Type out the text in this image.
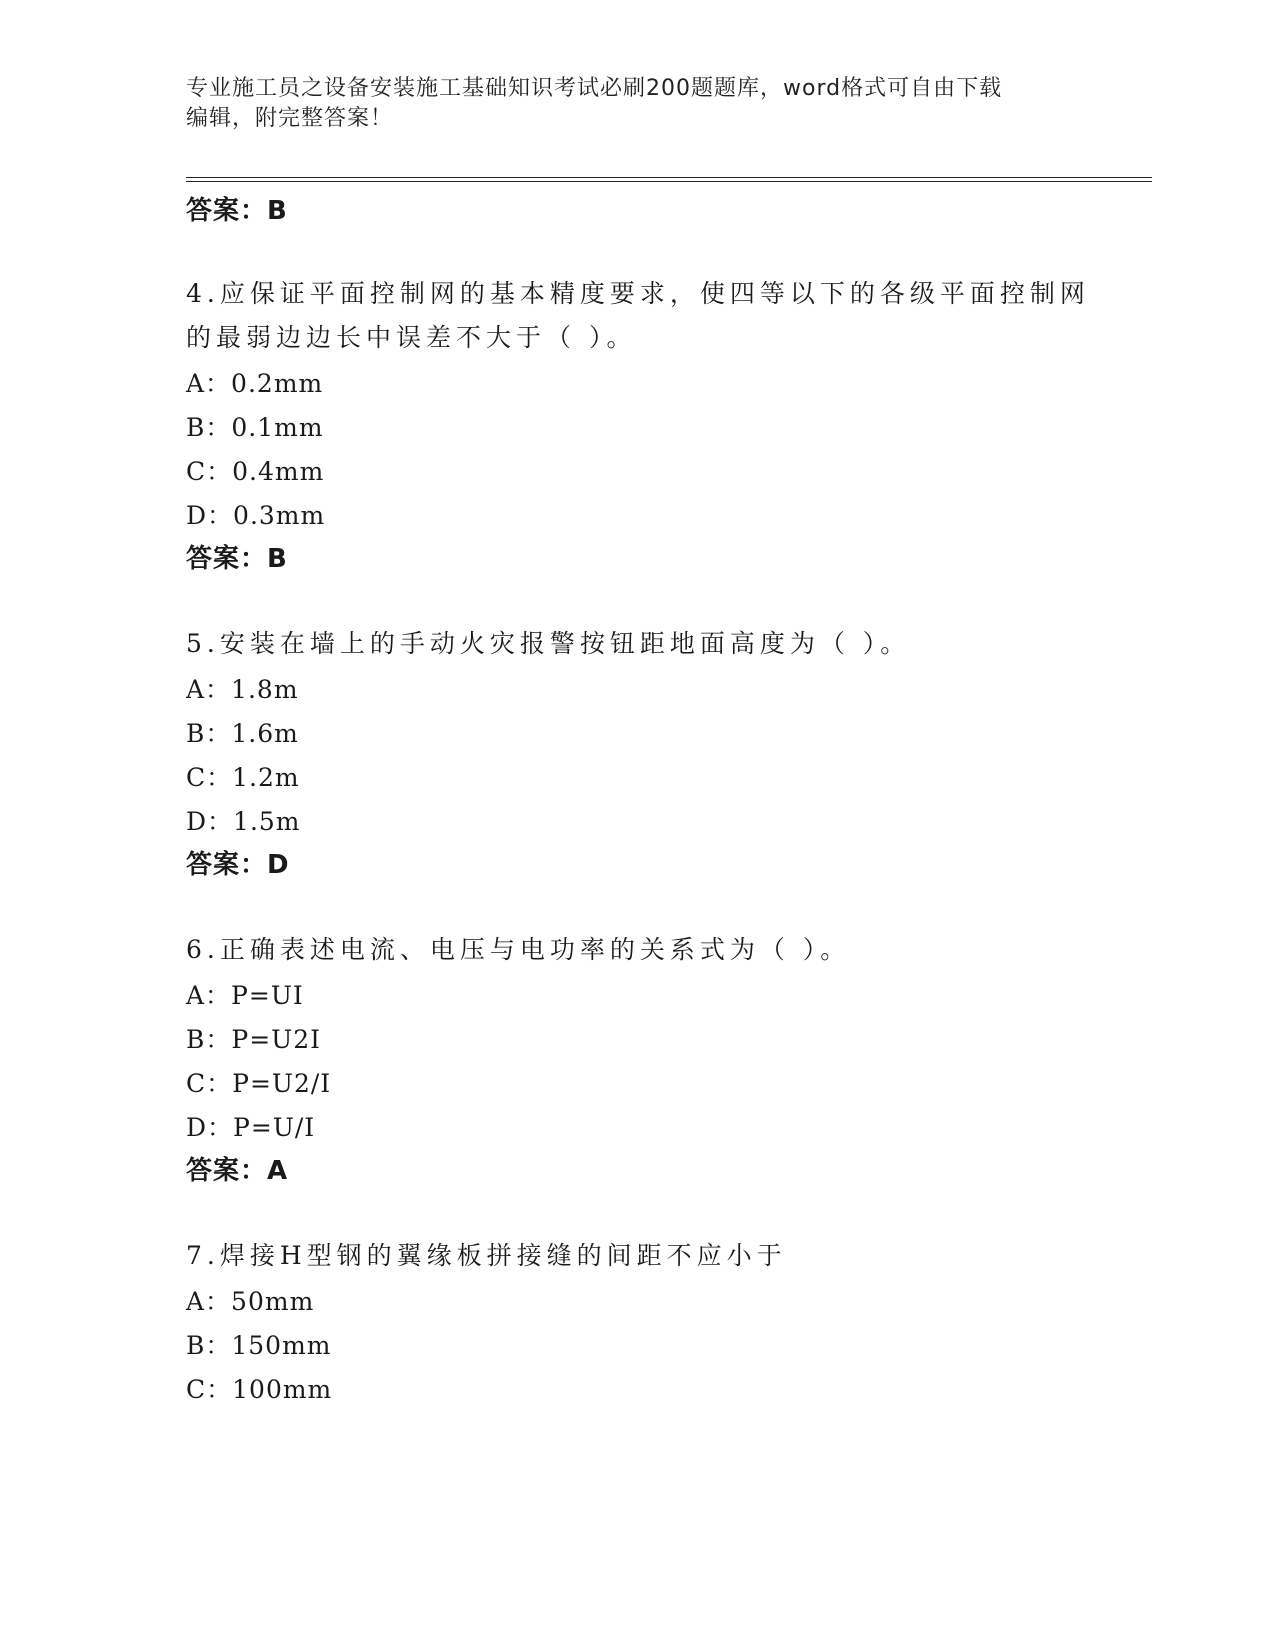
专业施工员之设备安装施工基础知识考试必刷200题题库，word格式可自由下载
编辑，附完整答案！
答案：B
4.应保证平面控制网的基本精度要求，使四等以下的各级平面控制网
的最弱边边长中误差不大于（ ）。
A：0.2mm
B：0.1mm
C：0.4mm
D：0.3mm
答案：B
5.安装在墙上的手动火灾报警按钮距地面高度为（ ）。
A：1.8m
B：1.6m
C：1.2m
D：1.5m
答案：D
6.正确表述电流、电压与电功率的关系式为（ ）。
A：P=UI
B：P=U2I
C：P=U2/I
D：P=U/I
答案：A
7.焊接H型钢的翼缘板拼接缝的间距不应小于
A：50mm
B：150mm
C：100mm
